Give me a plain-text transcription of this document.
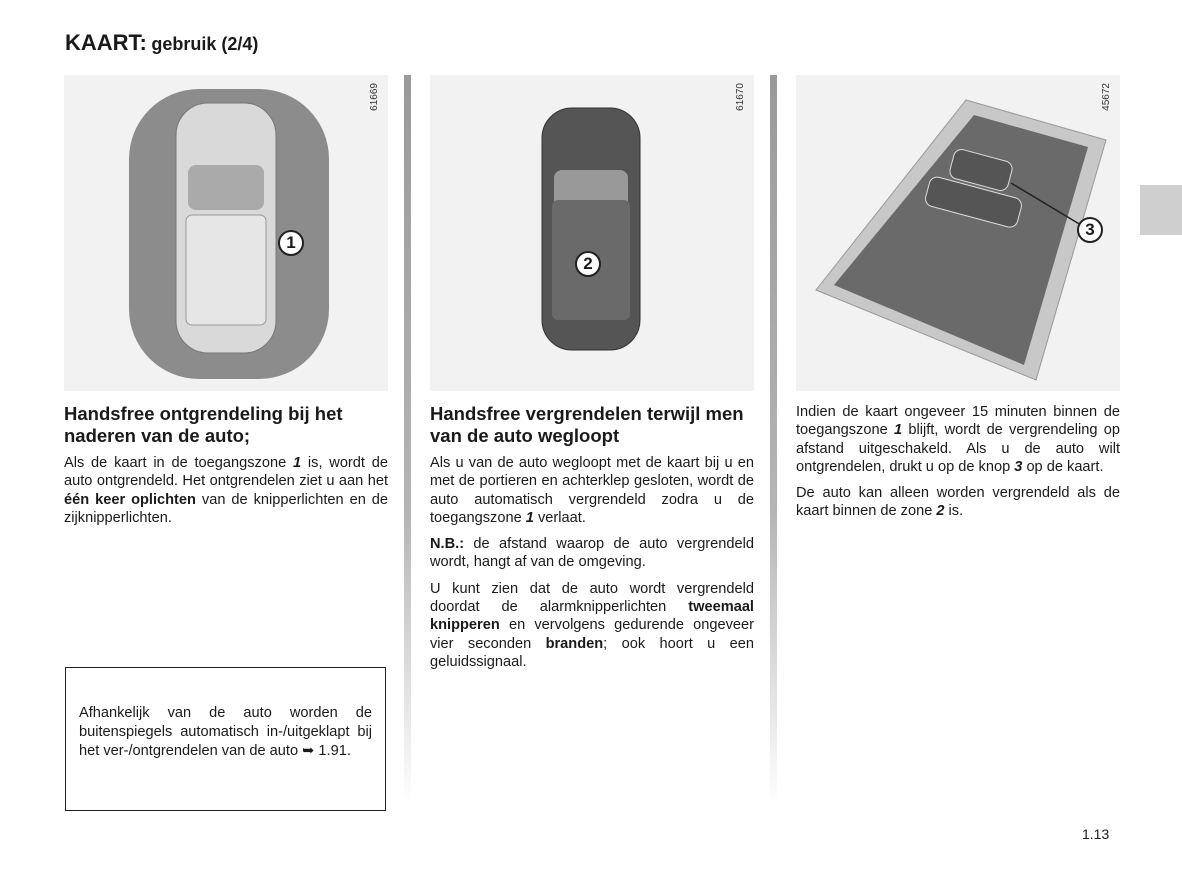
KAART: gebruik (2/4)
1
61669
2
61670
3
45672
Handsfree ontgrendeling bij het naderen van de auto;

Als de kaart in de toegangszone 1 is, wordt de auto ontgrendeld. Het ontgrendelen ziet u aan het één keer oplichten van de knipperlichten en de zijknipperlichten.

Handsfree vergrendelen terwijl men van de auto wegloopt

Als u van de auto wegloopt met de kaart bij u en met de portieren en achterklep gesloten, wordt de auto automatisch vergrendeld zodra u de toegangszone 1 verlaat.

N.B.: de afstand waarop de auto vergrendeld wordt, hangt af van de omgeving.

U kunt zien dat de auto wordt vergrendeld doordat de alarmknipperlichten tweemaal knipperen en vervolgens gedurende ongeveer vier seconden branden; ook hoort u een geluidssignaal.

Indien de kaart ongeveer 15 minuten binnen de toegangszone 1 blijft, wordt de vergrendeling op afstand uitgeschakeld. Als u de auto wilt ontgrendelen, drukt u op de knop 3 op de kaart.

De auto kan alleen worden vergrendeld als de kaart binnen de zone 2 is.

Afhankelijk van de auto worden de buitenspiegels automatisch in-/uitgeklapt bij het ver-/ontgrendelen van de auto ➥ 1.91.
1.13
